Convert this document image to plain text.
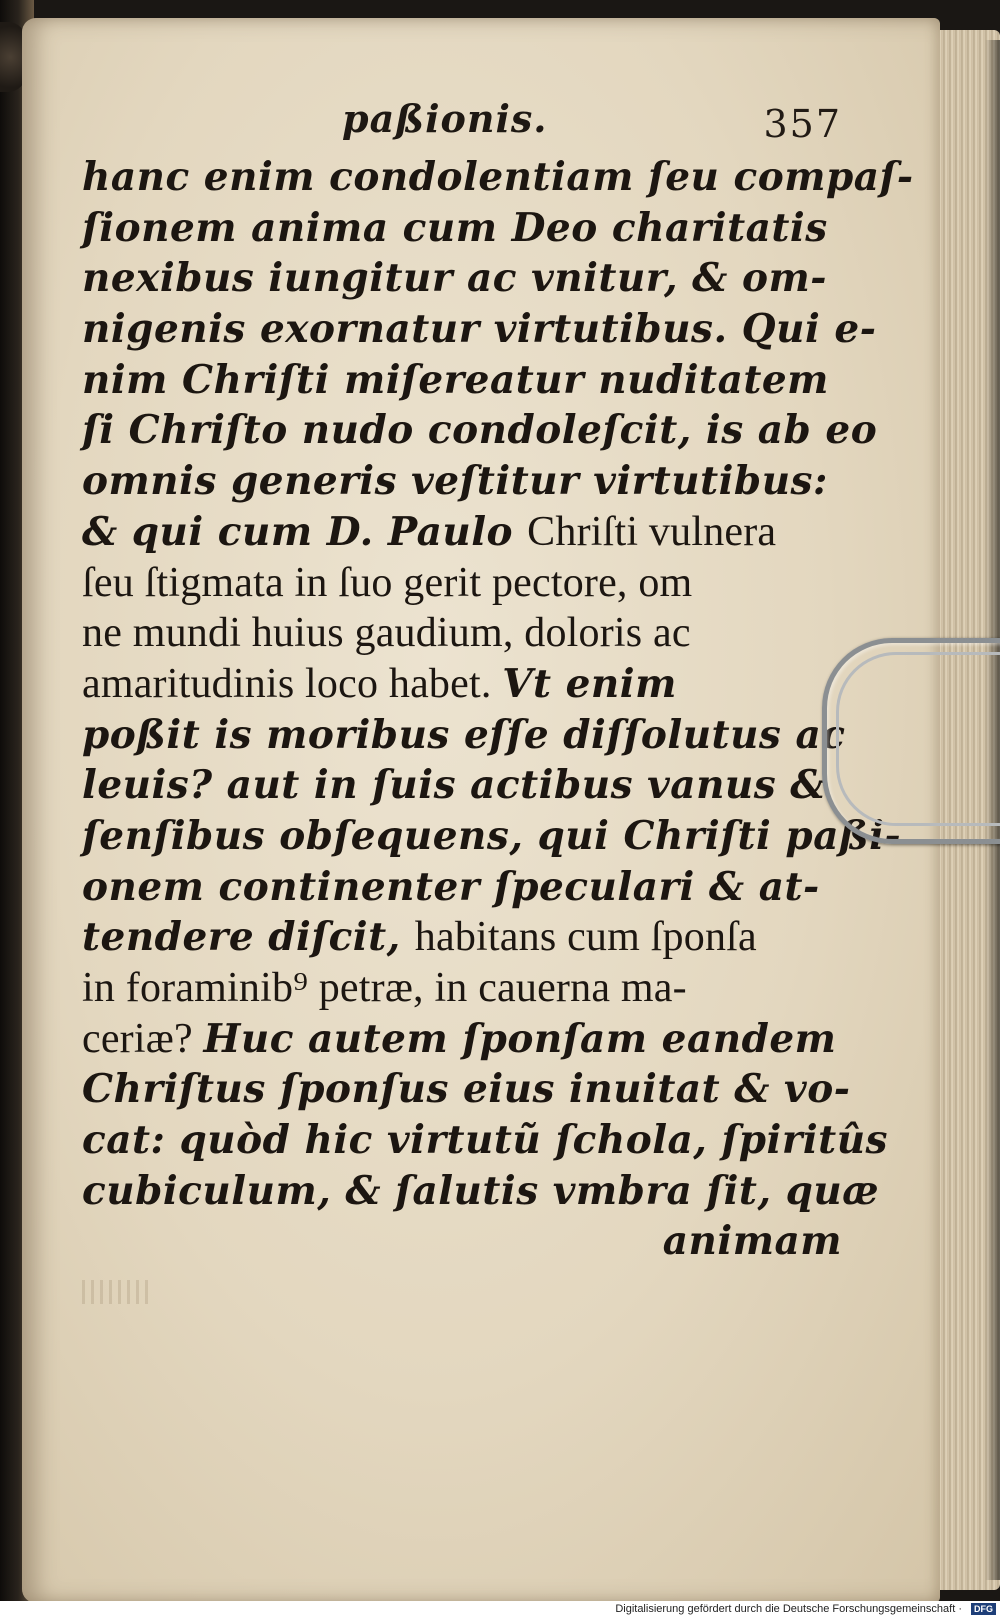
paßionis.	357
hanc enim condolentiam ſeu compaſ-
ſionem anima cum Deo charitatis
nexibus iungitur ac vnitur, & om-
nigenis exornatur virtutibus. Qui e-
nim Chriſti miſereatur nuditatem
ſi Chriſto nudo condoleſcit, is ab eo
omnis generis veſtitur virtutibus:
& qui cum D. Paulo Chriſti vulnera
ſeu ſtigmata in ſuo gerit pectore, om
ne mundi huius gaudium, doloris ac
amaritudinis loco habet. Vt enim
poßit is moribus eſſe diſſolutus ac
leuis? aut in ſuis actibus vanus &
ſenſibus obſequens, qui Chriſti paßi-
onem continenter ſpeculari & at-
tendere diſcit, habitans cum ſponſa
in foraminib⁹ petræ, in cauerna ma-
ceriæ? Huc autem ſponſam eandem
Chriſtus ſponſus eius inuitat & vo-
cat: quòd hic virtutũ ſchola, ſpiritûs
cubiculum, & ſalutis vmbra ſit, quæ
animam
Digitalisierung gefördert durch die Deutsche Forschungsgemeinschaft ·	DFG
